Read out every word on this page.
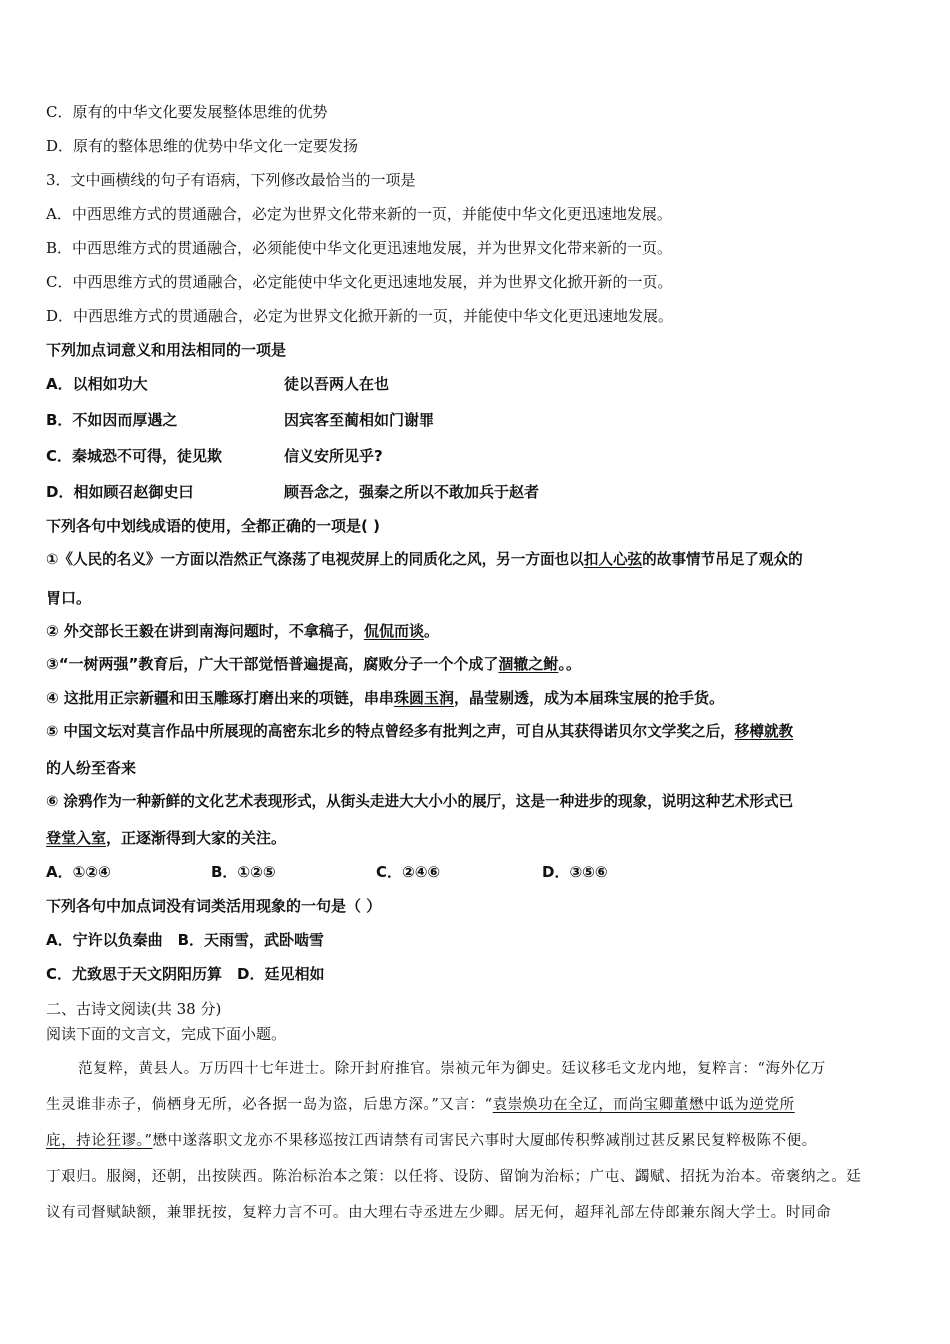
C．原有的中华文化要发展整体思维的优势
D．原有的整体思维的优势中华文化一定要发扬
3．文中画横线的句子有语病，下列修改最恰当的一项是
A．中西思维方式的贯通融合，必定为世界文化带来新的一页，并能使中华文化更迅速地发展。
B．中西思维方式的贯通融合，必须能使中华文化更迅速地发展，并为世界文化带来新的一页。
C．中西思维方式的贯通融合，必定能使中华文化更迅速地发展，并为世界文化掀开新的一页。
D．中西思维方式的贯通融合，必定为世界文化掀开新的一页，并能使中华文化更迅速地发展。
下列加点词意义和用法相同的一项是
A．以相如功大	徒以吾两人在也
B．不如因而厚遇之	因宾客至蔺相如门谢罪
C．秦城恐不可得，徒见欺	信义安所见乎?
D．相如顾召赵御史曰	顾吾念之，强秦之所以不敢加兵于赵者
下列各句中划线成语的使用，全都正确的一项是( )
①《人民的名义》一方面以浩然正气涤荡了电视荧屏上的同质化之风，另一方面也以扣人心弦的故事情节吊足了观众的
胃口。
② 外交部长王毅在讲到南海问题时，不拿稿子，侃侃而谈。
③“一树两强”教育后，广大干部觉悟普遍提高，腐败分子一个个成了涸辙之鲋。。
④ 这批用正宗新疆和田玉雕琢打磨出来的项链，串串珠圆玉润，晶莹剔透，成为本届珠宝展的抢手货。
⑤ 中国文坛对莫言作品中所展现的高密东北乡的特点曾经多有批判之声，可自从其获得诺贝尔文学奖之后，移樽就教
的人纷至沓来
⑥ 涂鸦作为一种新鲜的文化艺术表现形式，从街头走进大大小小的展厅，这是一种进步的现象，说明这种艺术形式已
登堂入室，正逐渐得到大家的关注。
A．①②④	B．①②⑤	C．②④⑥	D．③⑤⑥
下列各句中加点词没有词类活用现象的一句是（ ）
A．宁许以负秦曲　B．天雨雪，武卧啮雪
C．尤致思于天文阴阳历算　D．廷见相如
二、古诗文阅读(共 38 分)
阅读下面的文言文，完成下面小题。
范复粹，黄县人。万历四十七年进士。除开封府推官。崇祯元年为御史。廷议移毛文龙内地，复粹言：“海外亿万
生灵谁非赤子，倘栖身无所，必各据一岛为盗，后患方深。”又言：“袁崇焕功在全辽，而尚宝卿董懋中诋为逆党所
庇，持论狂谬。”懋中遂落职文龙亦不果移巡按江西请禁有司害民六事时大厦邮传积弊减削过甚反累民复粹极陈不便。
丁艰归。服阕，还朝，出按陕西。陈治标治本之策：以任将、设防、留饷为治标；广屯、蠲赋、招抚为治本。帝褒纳之。廷
议有司督赋缺额，兼罪抚按，复粹力言不可。由大理右寺丞进左少卿。居无何，超拜礼部左侍郎兼东阁大学士。时同命
